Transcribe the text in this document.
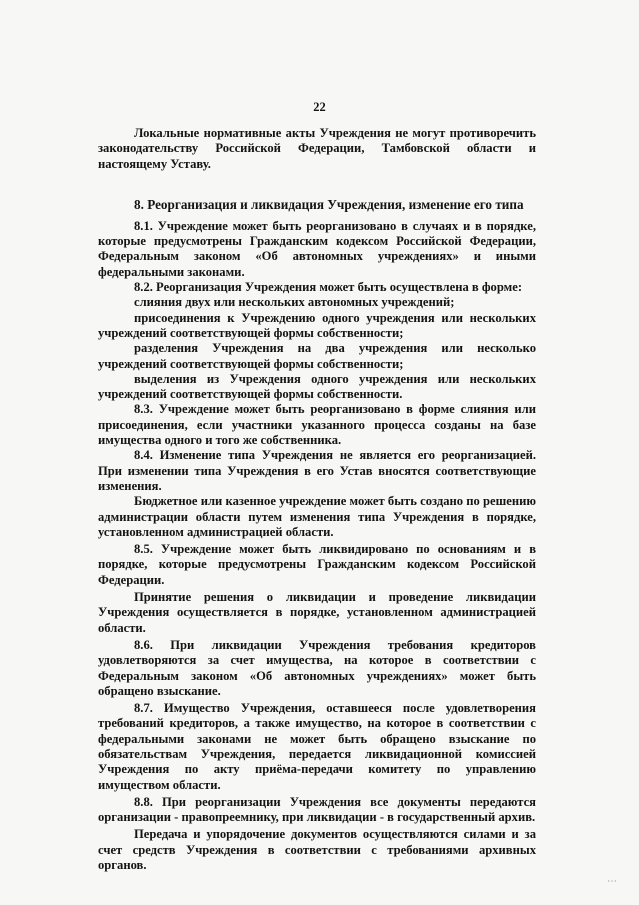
22

Локальные нормативные акты Учреждения не могут противоречить законодательству Российской Федерации, Тамбовской области и настоящему Уставу.

8. Реорганизация и ликвидация Учреждения, изменение его типа

8.1. Учреждение может быть реорганизовано в случаях и в порядке, которые предусмотрены Гражданским кодексом Российской Федерации, Федеральным законом «Об автономных учреждениях» и иными федеральными законами.

8.2. Реорганизация Учреждения может быть осуществлена в форме:

слияния двух или нескольких автономных учреждений;

присоединения к Учреждению одного учреждения или нескольких учреждений соответствующей формы собственности;

разделения Учреждения на два учреждения или несколько учреждений соответствующей формы собственности;

выделения из Учреждения одного учреждения или нескольких учреждений соответствующей формы собственности.

8.3. Учреждение может быть реорганизовано в форме слияния или присоединения, если участники указанного процесса созданы на базе имущества одного и того же собственника.

8.4. Изменение типа Учреждения не является его реорганизацией. При изменении типа Учреждения в его Устав вносятся соответствующие изменения.

Бюджетное или казенное учреждение может быть создано по решению администрации области путем изменения типа Учреждения в порядке, установленном администрацией области.

8.5. Учреждение может быть ликвидировано по основаниям и в порядке, которые предусмотрены Гражданским кодексом Российской Федерации.

Принятие решения о ликвидации и проведение ликвидации Учреждения осуществляется в порядке, установленном администрацией области.

8.6. При ликвидации Учреждения требования кредиторов удовлетворяются за счет имущества, на которое в соответствии с Федеральным законом «Об автономных учреждениях» может быть обращено взыскание.

8.7. Имущество Учреждения, оставшееся после удовлетворения требований кредиторов, а также имущество, на которое в соответствии с федеральными законами не может быть обращено взыскание по обязательствам Учреждения, передается ликвидационной комиссией Учреждения по акту приёма-передачи комитету по управлению имуществом области.

8.8. При реорганизации Учреждения все документы передаются организации - правопреемнику, при ликвидации - в государственный архив.

Передача и упорядочение документов осуществляются силами и за счет средств Учреждения в соответствии с требованиями архивных органов.

⋯
